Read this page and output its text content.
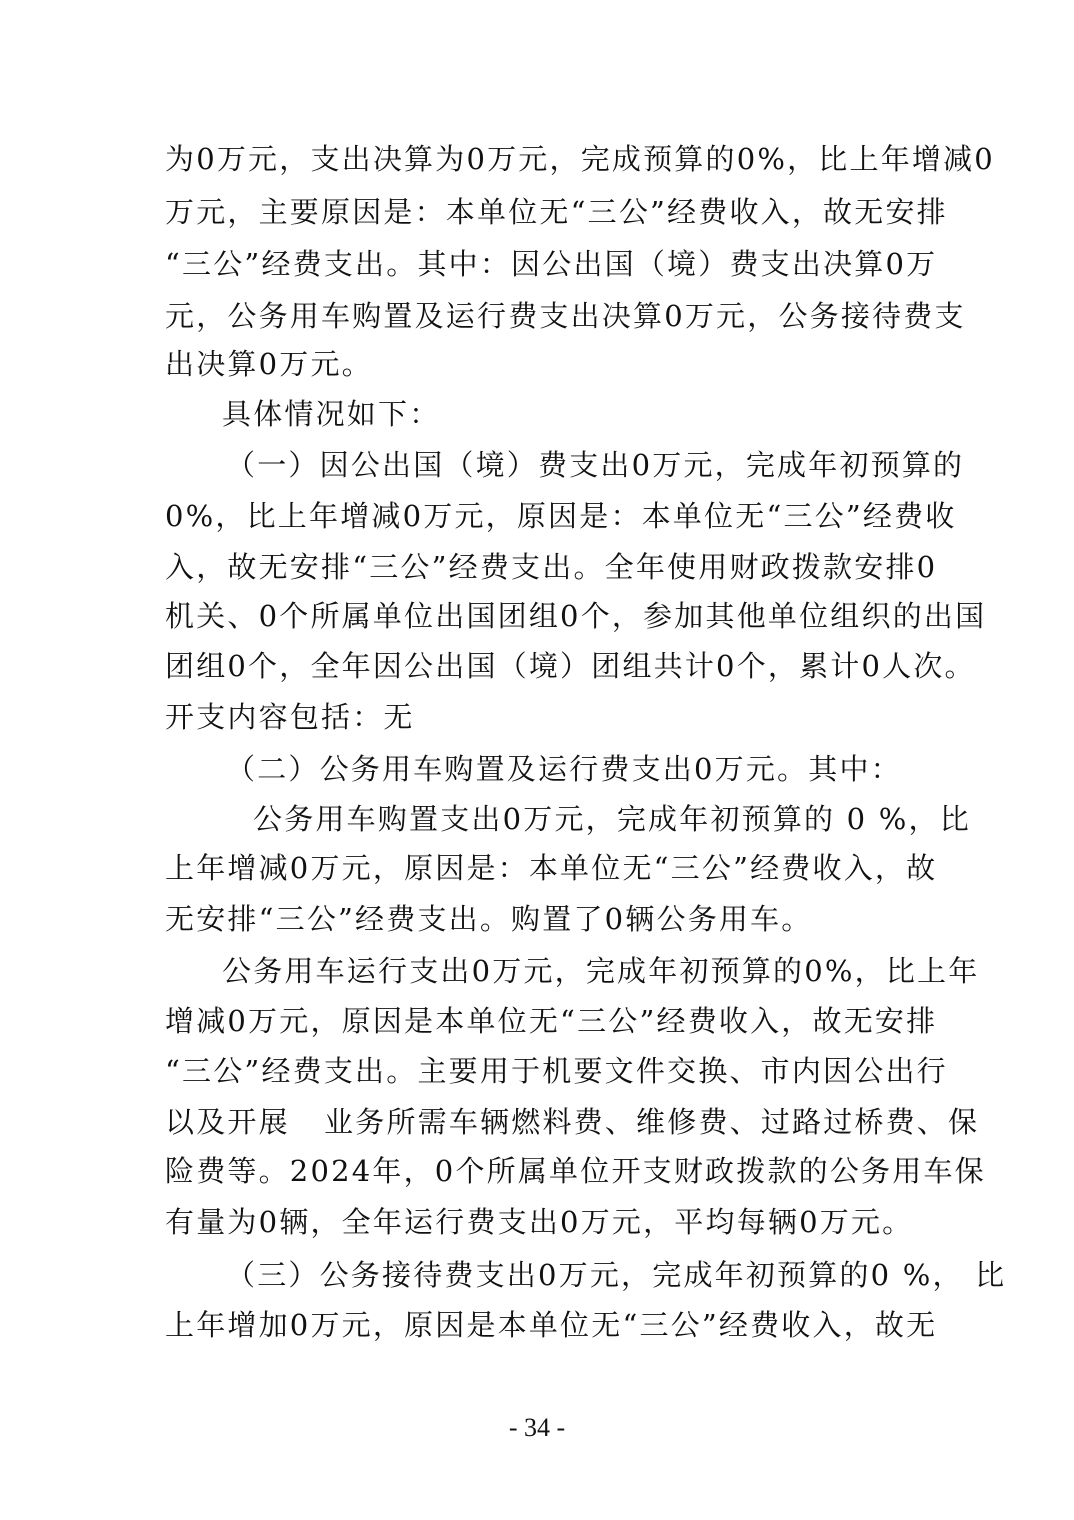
为0万元，支出决算为0万元，完成预算的0%，比上年增减0
万元，主要原因是：本单位无“三公”经费收入，故无安排
“三公”经费支出。其中：因公出国（境）费支出决算0万
元，公务用车购置及运行费支出决算0万元，公务接待费支
出决算0万元。
具体情况如下：
（一）因公出国（境）费支出0万元，完成年初预算的
0%，比上年增减0万元，原因是：本单位无“三公”经费收
入，故无安排“三公”经费支出。全年使用财政拨款安排0
机关、0个所属单位出国团组0个，参加其他单位组织的出国
团组0个，全年因公出国（境）团组共计0个，累计0人次。
开支内容包括：无
（二）公务用车购置及运行费支出0万元。其中：
公务用车购置支出0万元，完成年初预算的 0 %，比
上年增减0万元，原因是：本单位无“三公”经费收入，故
无安排“三公”经费支出。购置了0辆公务用车。
公务用车运行支出0万元，完成年初预算的0%，比上年
增减0万元，原因是本单位无“三公”经费收入，故无安排
“三公”经费支出。主要用于机要文件交换、市内因公出行
以及开展   业务所需车辆燃料费、维修费、过路过桥费、保
险费等。2024年，0个所属单位开支财政拨款的公务用车保
有量为0辆，全年运行费支出0万元，平均每辆0万元。
（三）公务接待费支出0万元，完成年初预算的0 %， 比
上年增加0万元，原因是本单位无“三公”经费收入，故无
- 34 -
